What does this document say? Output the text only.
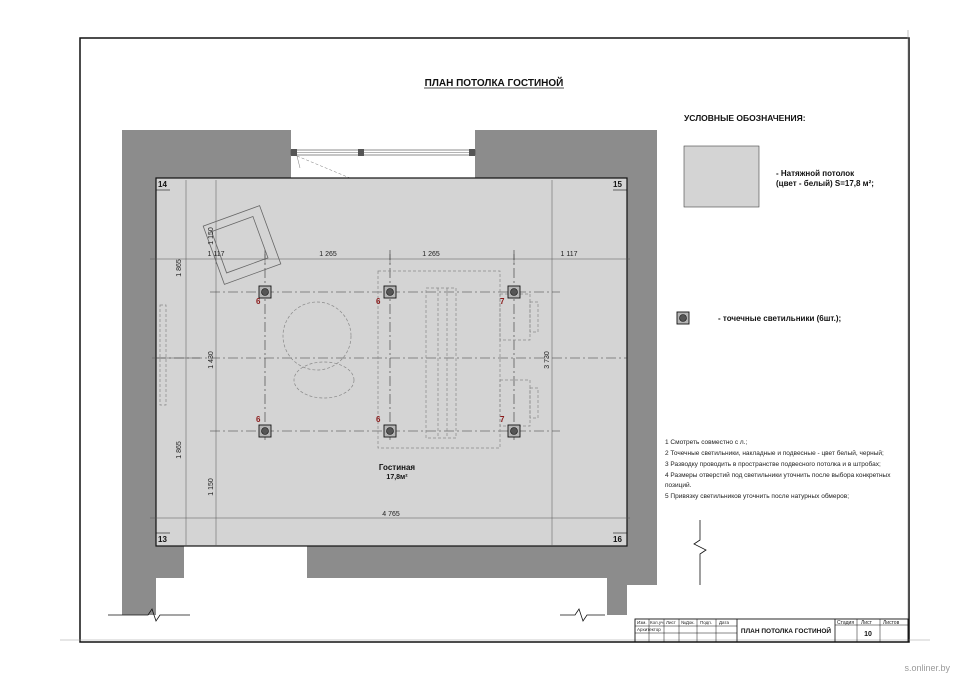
ПЛАН ПОТОЛКА ГОСТИНОЙ
1 117	1 265	1 265	1 117
4 765
1 865
1 865
1 150
1 430
1 150
3 730
14	15
13	16
6	6	7
6	6	7
Гостиная
17,8м²
УСЛОВНЫЕ ОБОЗНАЧЕНИЯ:
- Натяжной потолок
(цвет - белый) S=17,8 м²;
- точечные светильники (6шт.);
1 Смотреть совместно с л.;
2 Точечные светильники, накладные и подвесные - цвет белый, черный;
3 Разводку проводить в пространстве подвесного потолка и в штробах;
4 Размеры отверстий под светильники уточнить после выбора конкретных
позиций.
5 Привязку светильников уточнить после натурных обмеров;
Изм. Кол.уч. Лист №Док. Подп. Дата
Архитектор	ПЛАН ПОТОЛКА ГОСТИНОЙ
Стадия Лист Листов
10
s.onliner.by
